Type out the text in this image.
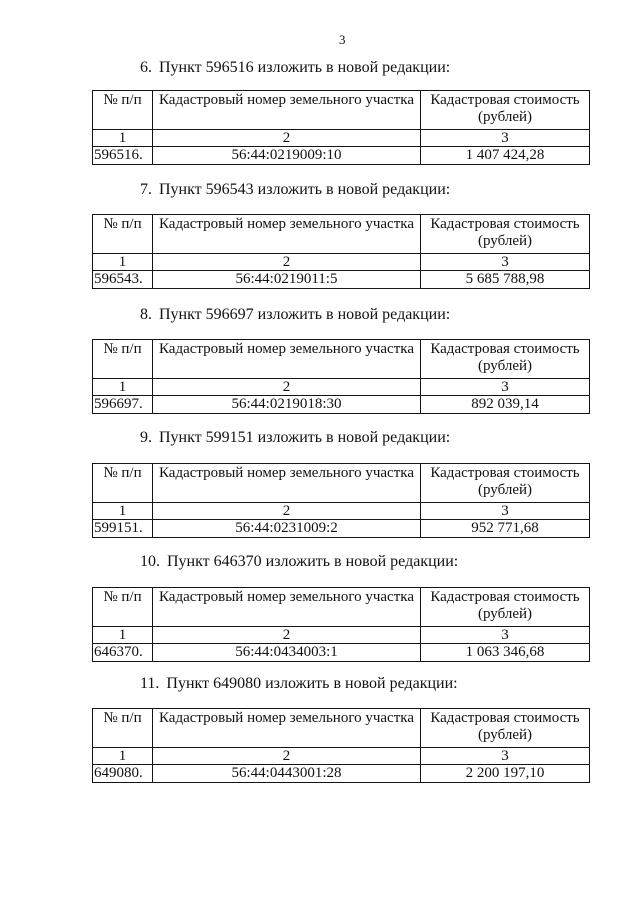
3
6. Пункт 596516 изложить в новой редакции:
№ п/п	Кадастровый номер земельного участка	Кадастровая стоимость (рублей)
1	2	3
596516.	56:44:0219009:10	1 407 424,28
7. Пункт 596543 изложить в новой редакции:
№ п/п	Кадастровый номер земельного участка	Кадастровая стоимость (рублей)
1	2	3
596543.	56:44:0219011:5	5 685 788,98
8. Пункт 596697 изложить в новой редакции:
№ п/п	Кадастровый номер земельного участка	Кадастровая стоимость (рублей)
1	2	3
596697.	56:44:0219018:30	892 039,14
9. Пункт 599151 изложить в новой редакции:
№ п/п	Кадастровый номер земельного участка	Кадастровая стоимость (рублей)
1	2	3
599151.	56:44:0231009:2	952 771,68
10. Пункт 646370 изложить в новой редакции:
№ п/п	Кадастровый номер земельного участка	Кадастровая стоимость (рублей)
1	2	3
646370.	56:44:0434003:1	1 063 346,68
11. Пункт 649080 изложить в новой редакции:
№ п/п	Кадастровый номер земельного участка	Кадастровая стоимость (рублей)
1	2	3
649080.	56:44:0443001:28	2 200 197,10
